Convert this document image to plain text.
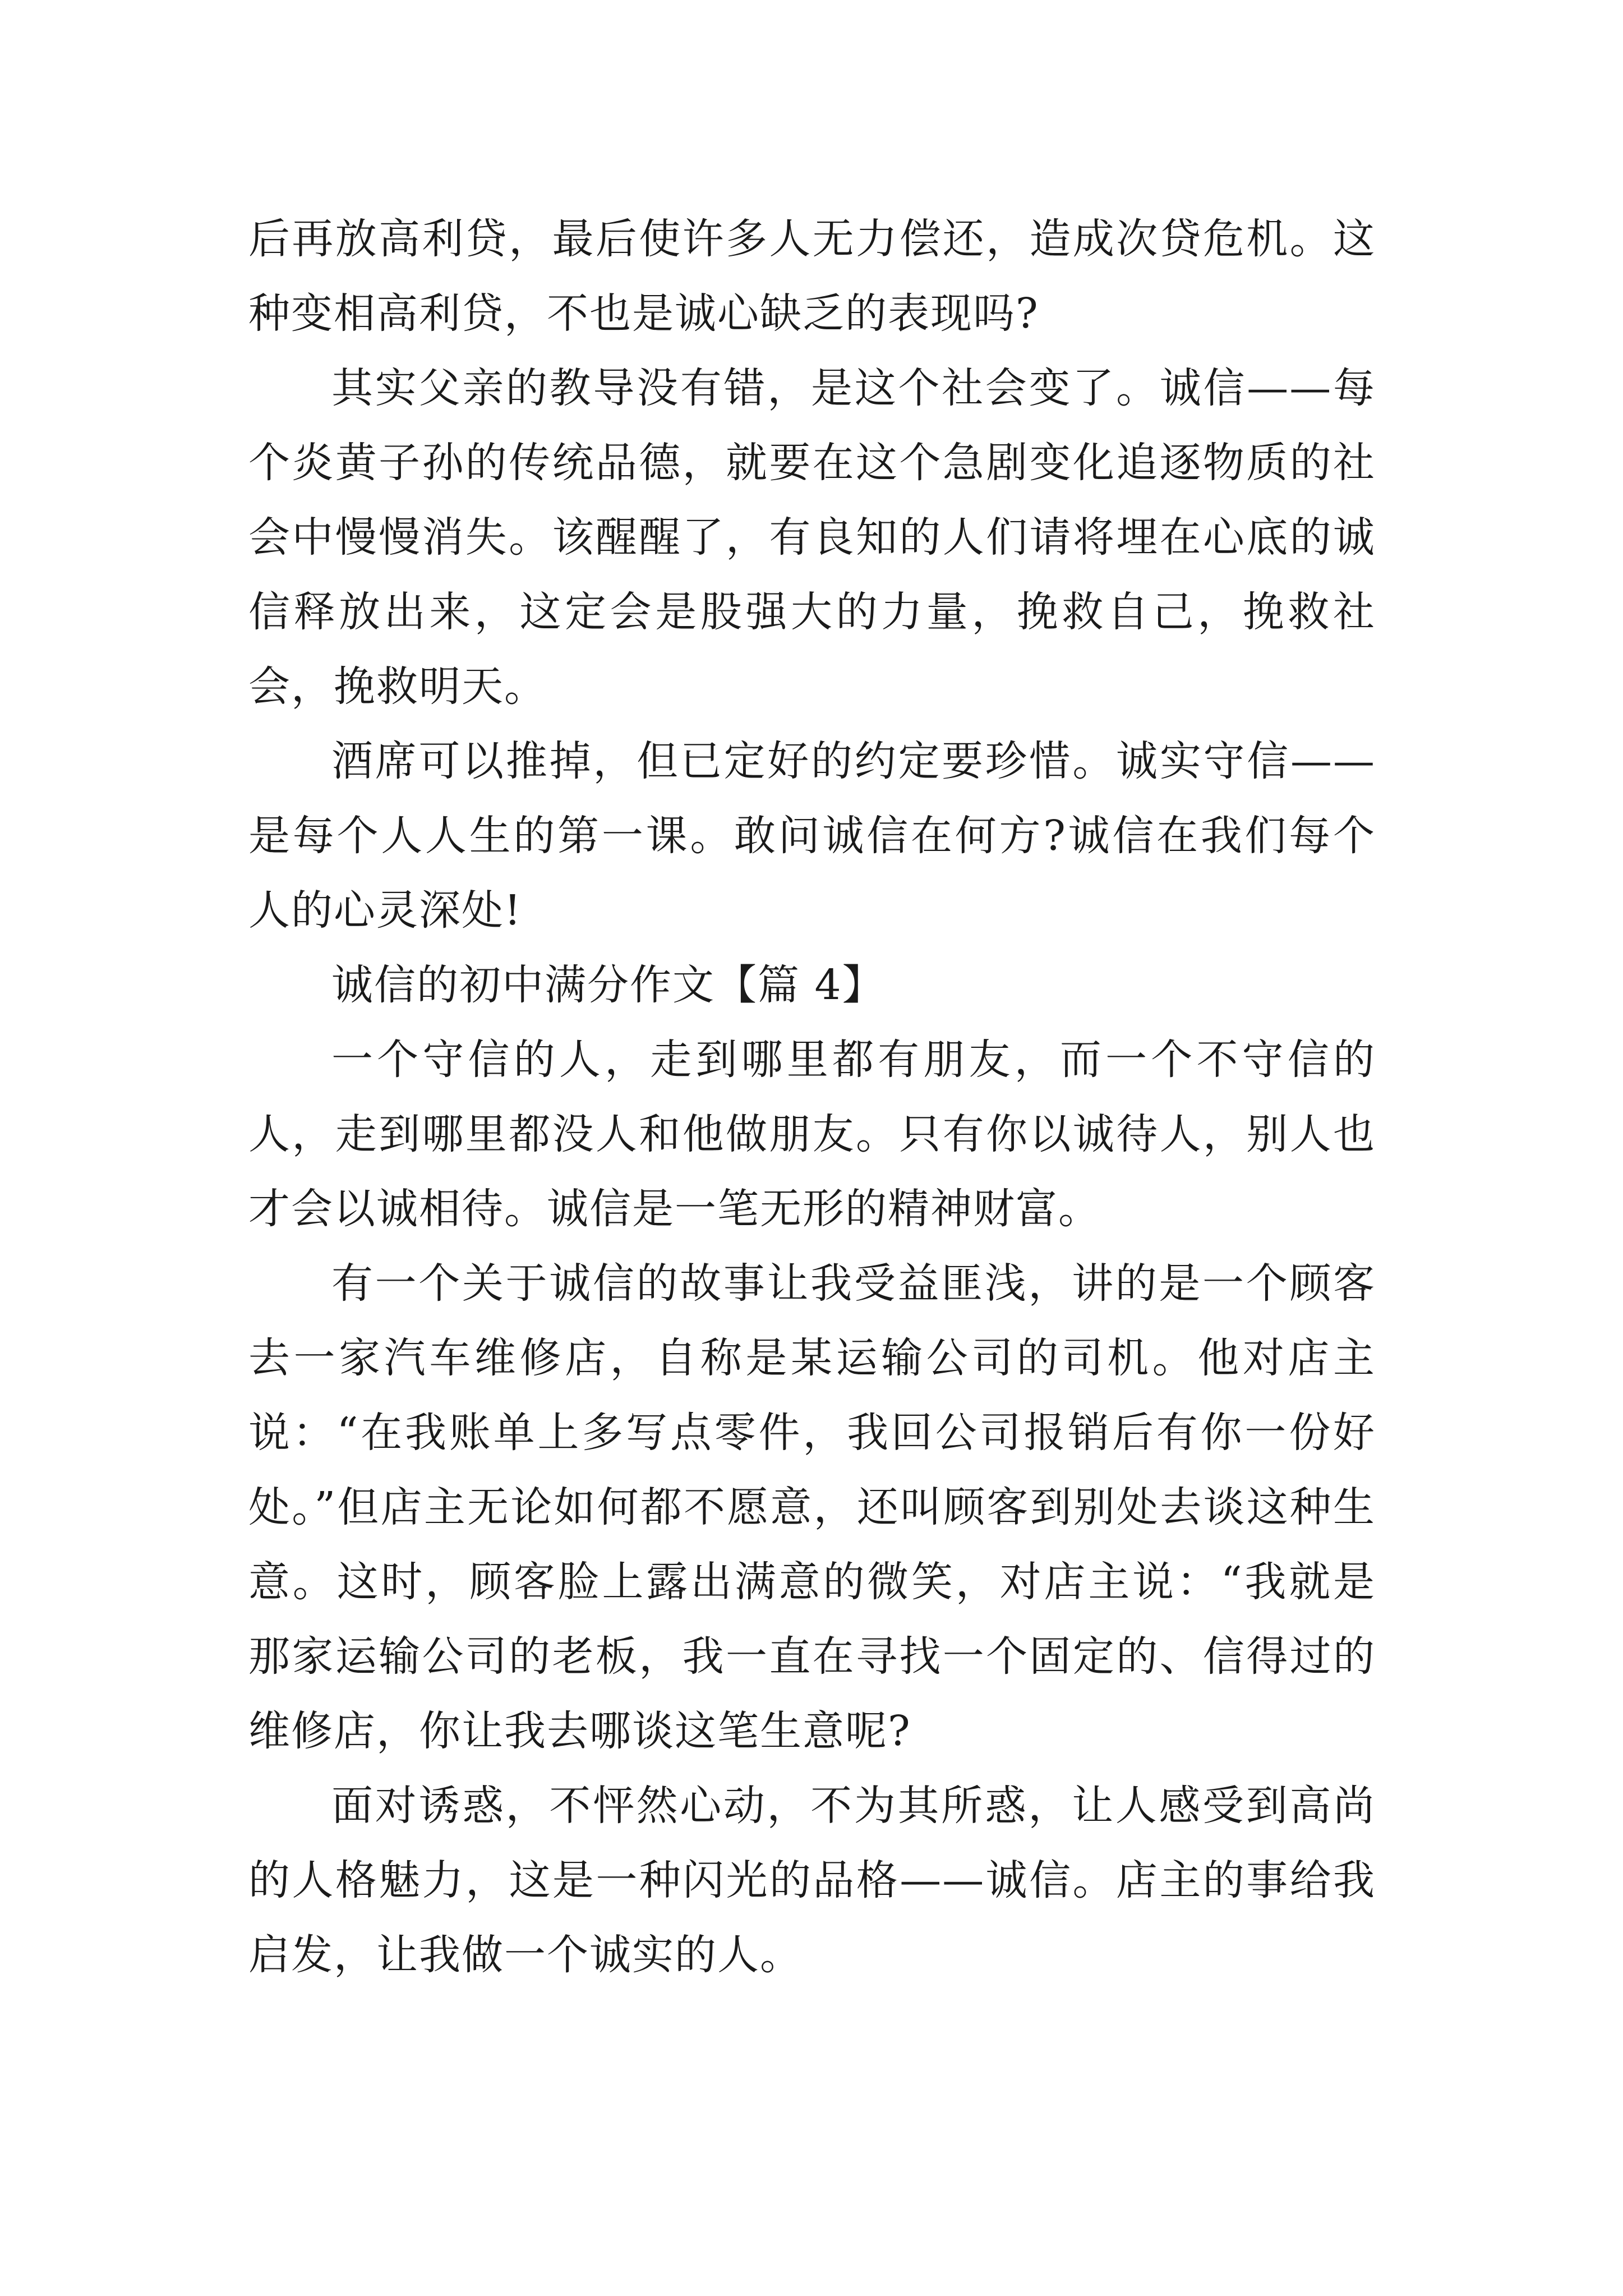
后再放高利贷，最后使许多人无力偿还，造成次贷危机。这种变相高利贷，不也是诚心缺乏的表现吗?

其实父亲的教导没有错，是这个社会变了。诚信——每个炎黄子孙的传统品德，就要在这个急剧变化追逐物质的社会中慢慢消失。该醒醒了，有良知的人们请将埋在心底的诚信释放出来，这定会是股强大的力量，挽救自己，挽救社会，挽救明天。

酒席可以推掉，但已定好的约定要珍惜。诚实守信——是每个人人生的第一课。敢问诚信在何方?诚信在我们每个人的心灵深处!

诚信的初中满分作文【篇 4】

一个守信的人，走到哪里都有朋友，而一个不守信的人，走到哪里都没人和他做朋友。只有你以诚待人，别人也才会以诚相待。诚信是一笔无形的精神财富。

有一个关于诚信的故事让我受益匪浅，讲的是一个顾客去一家汽车维修店，自称是某运输公司的司机。他对店主说：“在我账单上多写点零件，我回公司报销后有你一份好处。”但店主无论如何都不愿意，还叫顾客到别处去谈这种生意。这时，顾客脸上露出满意的微笑，对店主说：“我就是那家运输公司的老板，我一直在寻找一个固定的、信得过的维修店，你让我去哪谈这笔生意呢?

面对诱惑，不怦然心动，不为其所惑，让人感受到高尚的人格魅力，这是一种闪光的品格——诚信。店主的事给我启发，让我做一个诚实的人。
